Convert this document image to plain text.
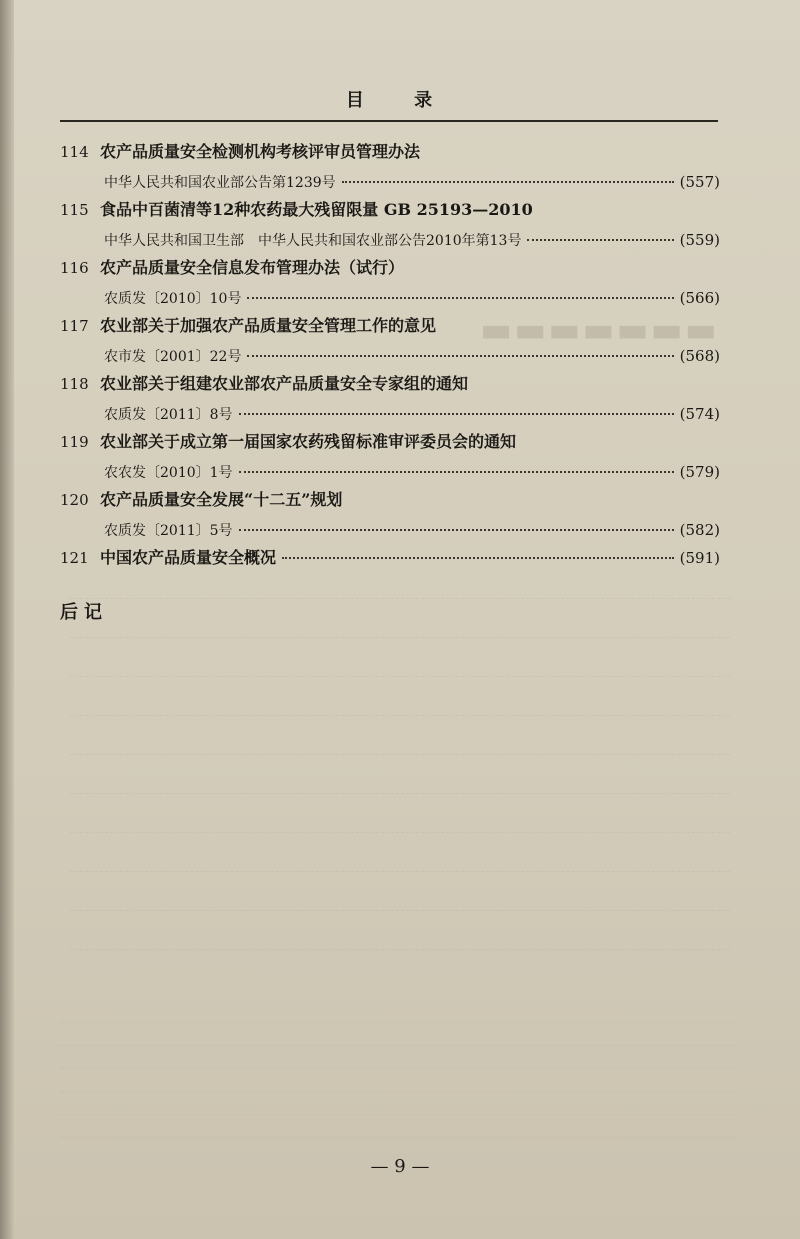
▬▬▬▬▬▬▬
目 录
114 农产品质量安全检测机构考核评审员管理办法
中华人民共和国农业部公告第1239号	(557)
115 食品中百菌清等12种农药最大残留限量 GB 25193—2010
中华人民共和国卫生部　中华人民共和国农业部公告2010年第13号	(559)
116 农产品质量安全信息发布管理办法（试行）
农质发〔2010〕10号	(566)
117 农业部关于加强农产品质量安全管理工作的意见
农市发〔2001〕22号	(568)
118 农业部关于组建农业部农产品质量安全专家组的通知
农质发〔2011〕8号	(574)
119 农业部关于成立第一届国家农药残留标准审评委员会的通知
农农发〔2010〕1号	(579)
120 农产品质量安全发展“十二五”规划
农质发〔2011〕5号	(582)
121 中国农产品质量安全概况	(591)
后记
— 9 —
